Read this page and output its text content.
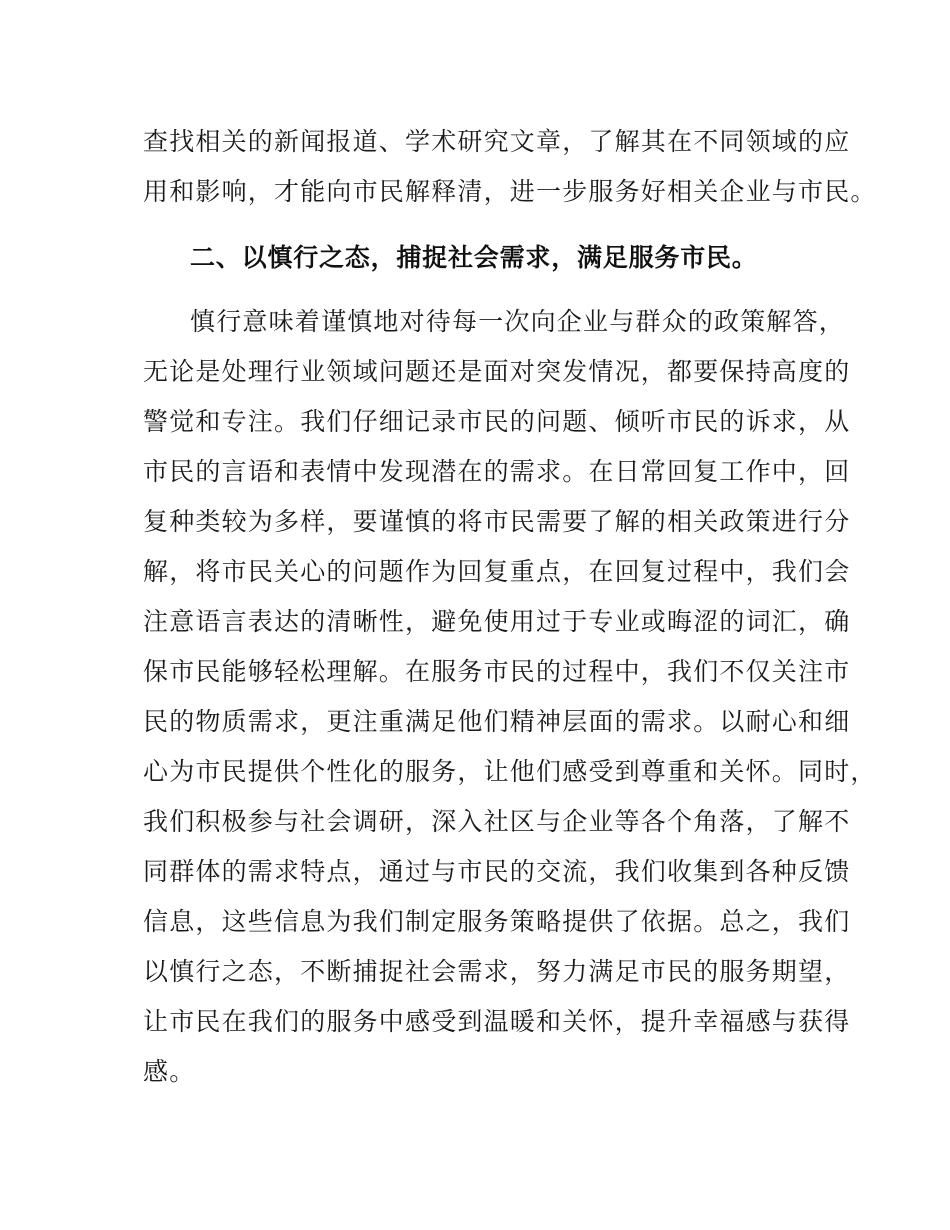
查找相关的新闻报道、学术研究文章，了解其在不同领域的应
用和影响，才能向市民解释清，进一步服务好相关企业与市民。
二、以慎行之态，捕捉社会需求，满足服务市民。
慎行意味着谨慎地对待每一次向企业与群众的政策解答，
无论是处理行业领域问题还是面对突发情况，都要保持高度的
警觉和专注。我们仔细记录市民的问题、倾听市民的诉求，从
市民的言语和表情中发现潜在的需求。在日常回复工作中，回
复种类较为多样，要谨慎的将市民需要了解的相关政策进行分
解，将市民关心的问题作为回复重点，在回复过程中，我们会
注意语言表达的清晰性，避免使用过于专业或晦涩的词汇，确
保市民能够轻松理解。在服务市民的过程中，我们不仅关注市
民的物质需求，更注重满足他们精神层面的需求。以耐心和细
心为市民提供个性化的服务，让他们感受到尊重和关怀。同时，
我们积极参与社会调研，深入社区与企业等各个角落，了解不
同群体的需求特点，通过与市民的交流，我们收集到各种反馈
信息，这些信息为我们制定服务策略提供了依据。总之，我们
以慎行之态，不断捕捉社会需求，努力满足市民的服务期望，
让市民在我们的服务中感受到温暖和关怀，提升幸福感与获得
感。
